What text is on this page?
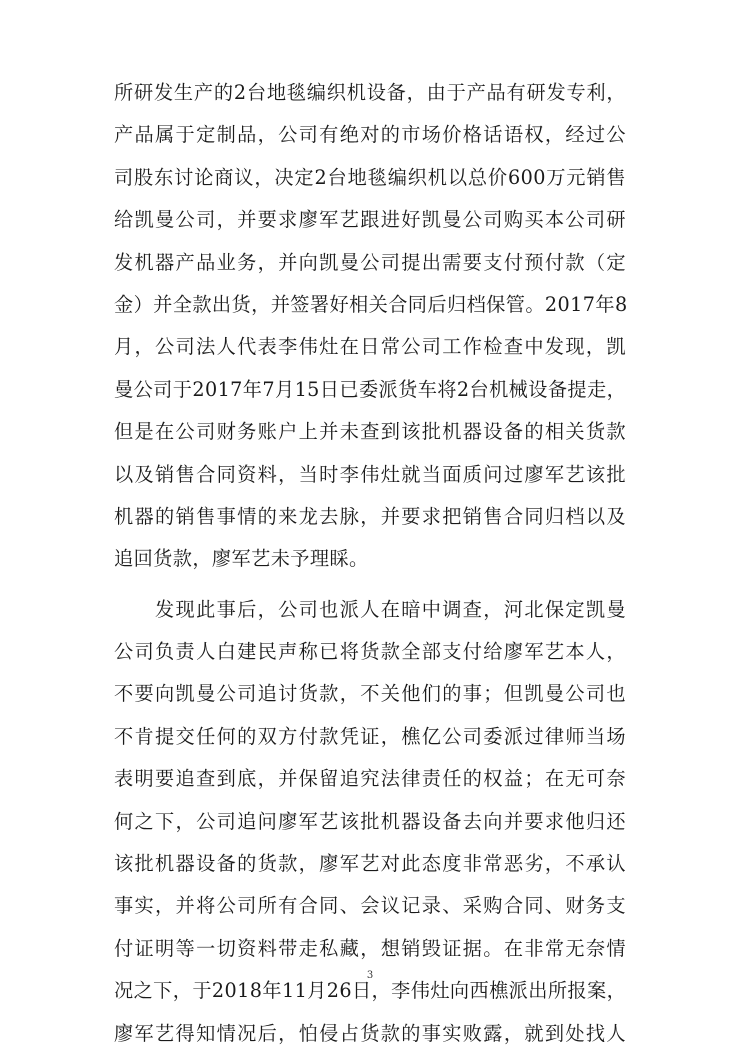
所研发生产的2台地毯编织机设备，由于产品有研发专利，
产品属于定制品，公司有绝对的市场价格话语权，经过公
司股东讨论商议，决定2台地毯编织机以总价600万元销售
给凯曼公司，并要求廖军艺跟进好凯曼公司购买本公司研
发机器产品业务，并向凯曼公司提出需要支付预付款（定
金）并全款出货，并签署好相关合同后归档保管。2017年8
月，公司法人代表李伟灶在日常公司工作检查中发现，凯
曼公司于2017年7月15日已委派货车将2台机械设备提走，
但是在公司财务账户上并未查到该批机器设备的相关货款
以及销售合同资料，当时李伟灶就当面质问过廖军艺该批
机器的销售事情的来龙去脉，并要求把销售合同归档以及
追回货款，廖军艺未予理睬。
　　发现此事后，公司也派人在暗中调查，河北保定凯曼
公司负责人白建民声称已将货款全部支付给廖军艺本人，
不要向凯曼公司追讨货款，不关他们的事；但凯曼公司也
不肯提交任何的双方付款凭证，樵亿公司委派过律师当场
表明要追查到底，并保留追究法律责任的权益；在无可奈
何之下，公司追问廖军艺该批机器设备去向并要求他归还
该批机器设备的货款，廖军艺对此态度非常恶劣，不承认
事实，并将公司所有合同、会议记录、采购合同、财务支
付证明等一切资料带走私藏，想销毁证据。在非常无奈情
况之下，于2018年11月26日，李伟灶向西樵派出所报案，
廖军艺得知情况后，怕侵占货款的事实败露，就到处找人
3
